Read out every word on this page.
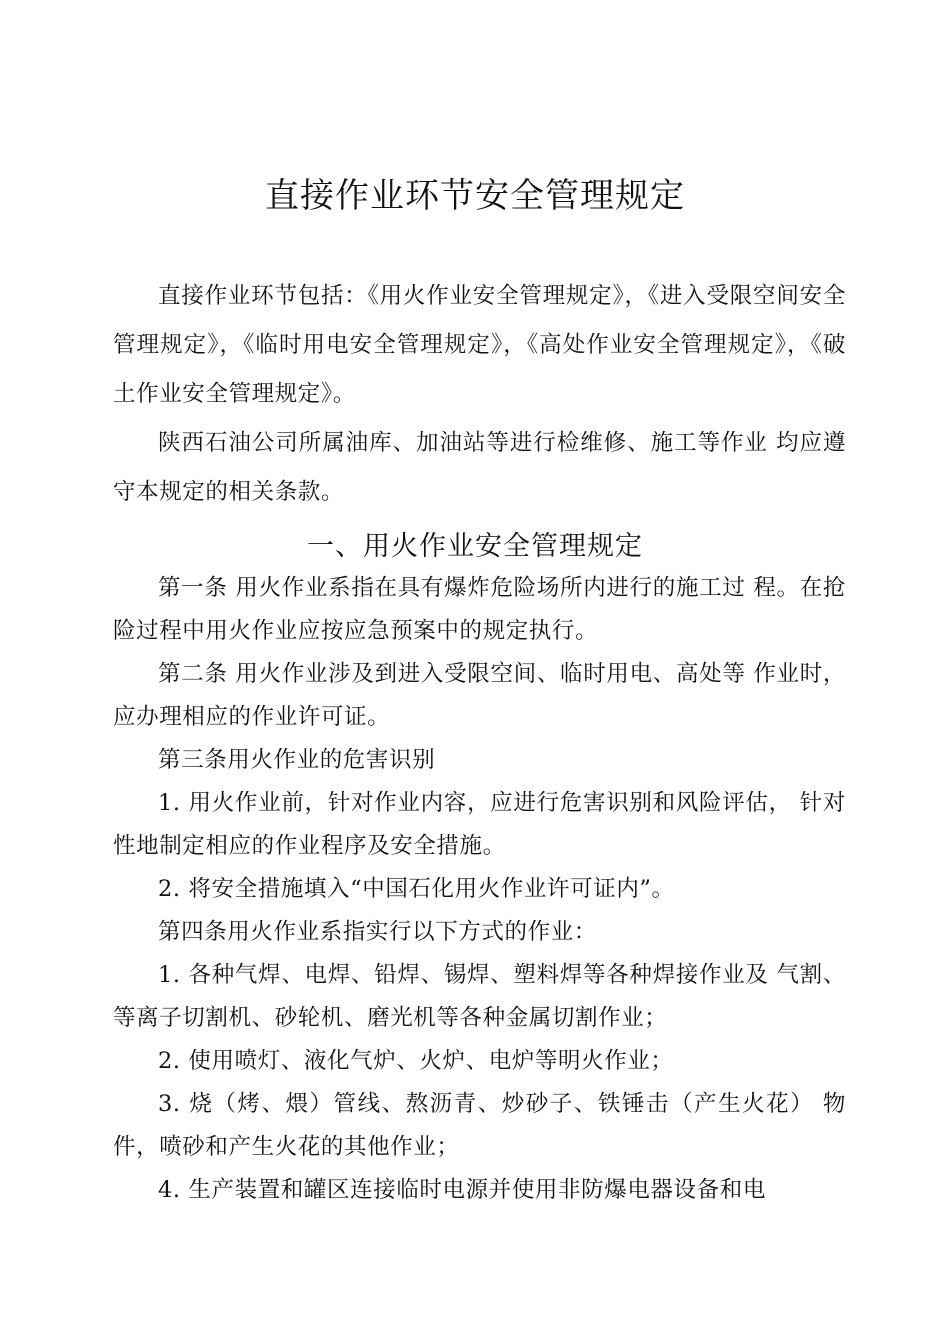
直接作业环节安全管理规定

直接作业环节包括：《用火作业安全管理规定》，《进入受限空间安全管理规定》，《临时用电安全管理规定》，《高处作业安全管理规定》，《破土作业安全管理规定》。

陕西石油公司所属油库、加油站等进行检维修、施工等作业 均应遵守本规定的相关条款。

一、用火作业安全管理规定

第一条 用火作业系指在具有爆炸危险场所内进行的施工过 程。在抢险过程中用火作业应按应急预案中的规定执行。

第二条 用火作业涉及到进入受限空间、临时用电、高处等 作业时，应办理相应的作业许可证。

第三条用火作业的危害识别

1. 用火作业前，针对作业内容，应进行危害识别和风险评估， 针对性地制定相应的作业程序及安全措施。

2. 将安全措施填入“中国石化用火作业许可证内”。

第四条用火作业系指实行以下方式的作业：

1. 各种气焊、电焊、铅焊、锡焊、塑料焊等各种焊接作业及 气割、等离子切割机、砂轮机、磨光机等各种金属切割作业；

2. 使用喷灯、液化气炉、火炉、电炉等明火作业；

3. 烧（烤、煨）管线、熬沥青、炒砂子、铁锤击（产生火花） 物件，喷砂和产生火花的其他作业；

4. 生产装置和罐区连接临时电源并使用非防爆电器设备和电
